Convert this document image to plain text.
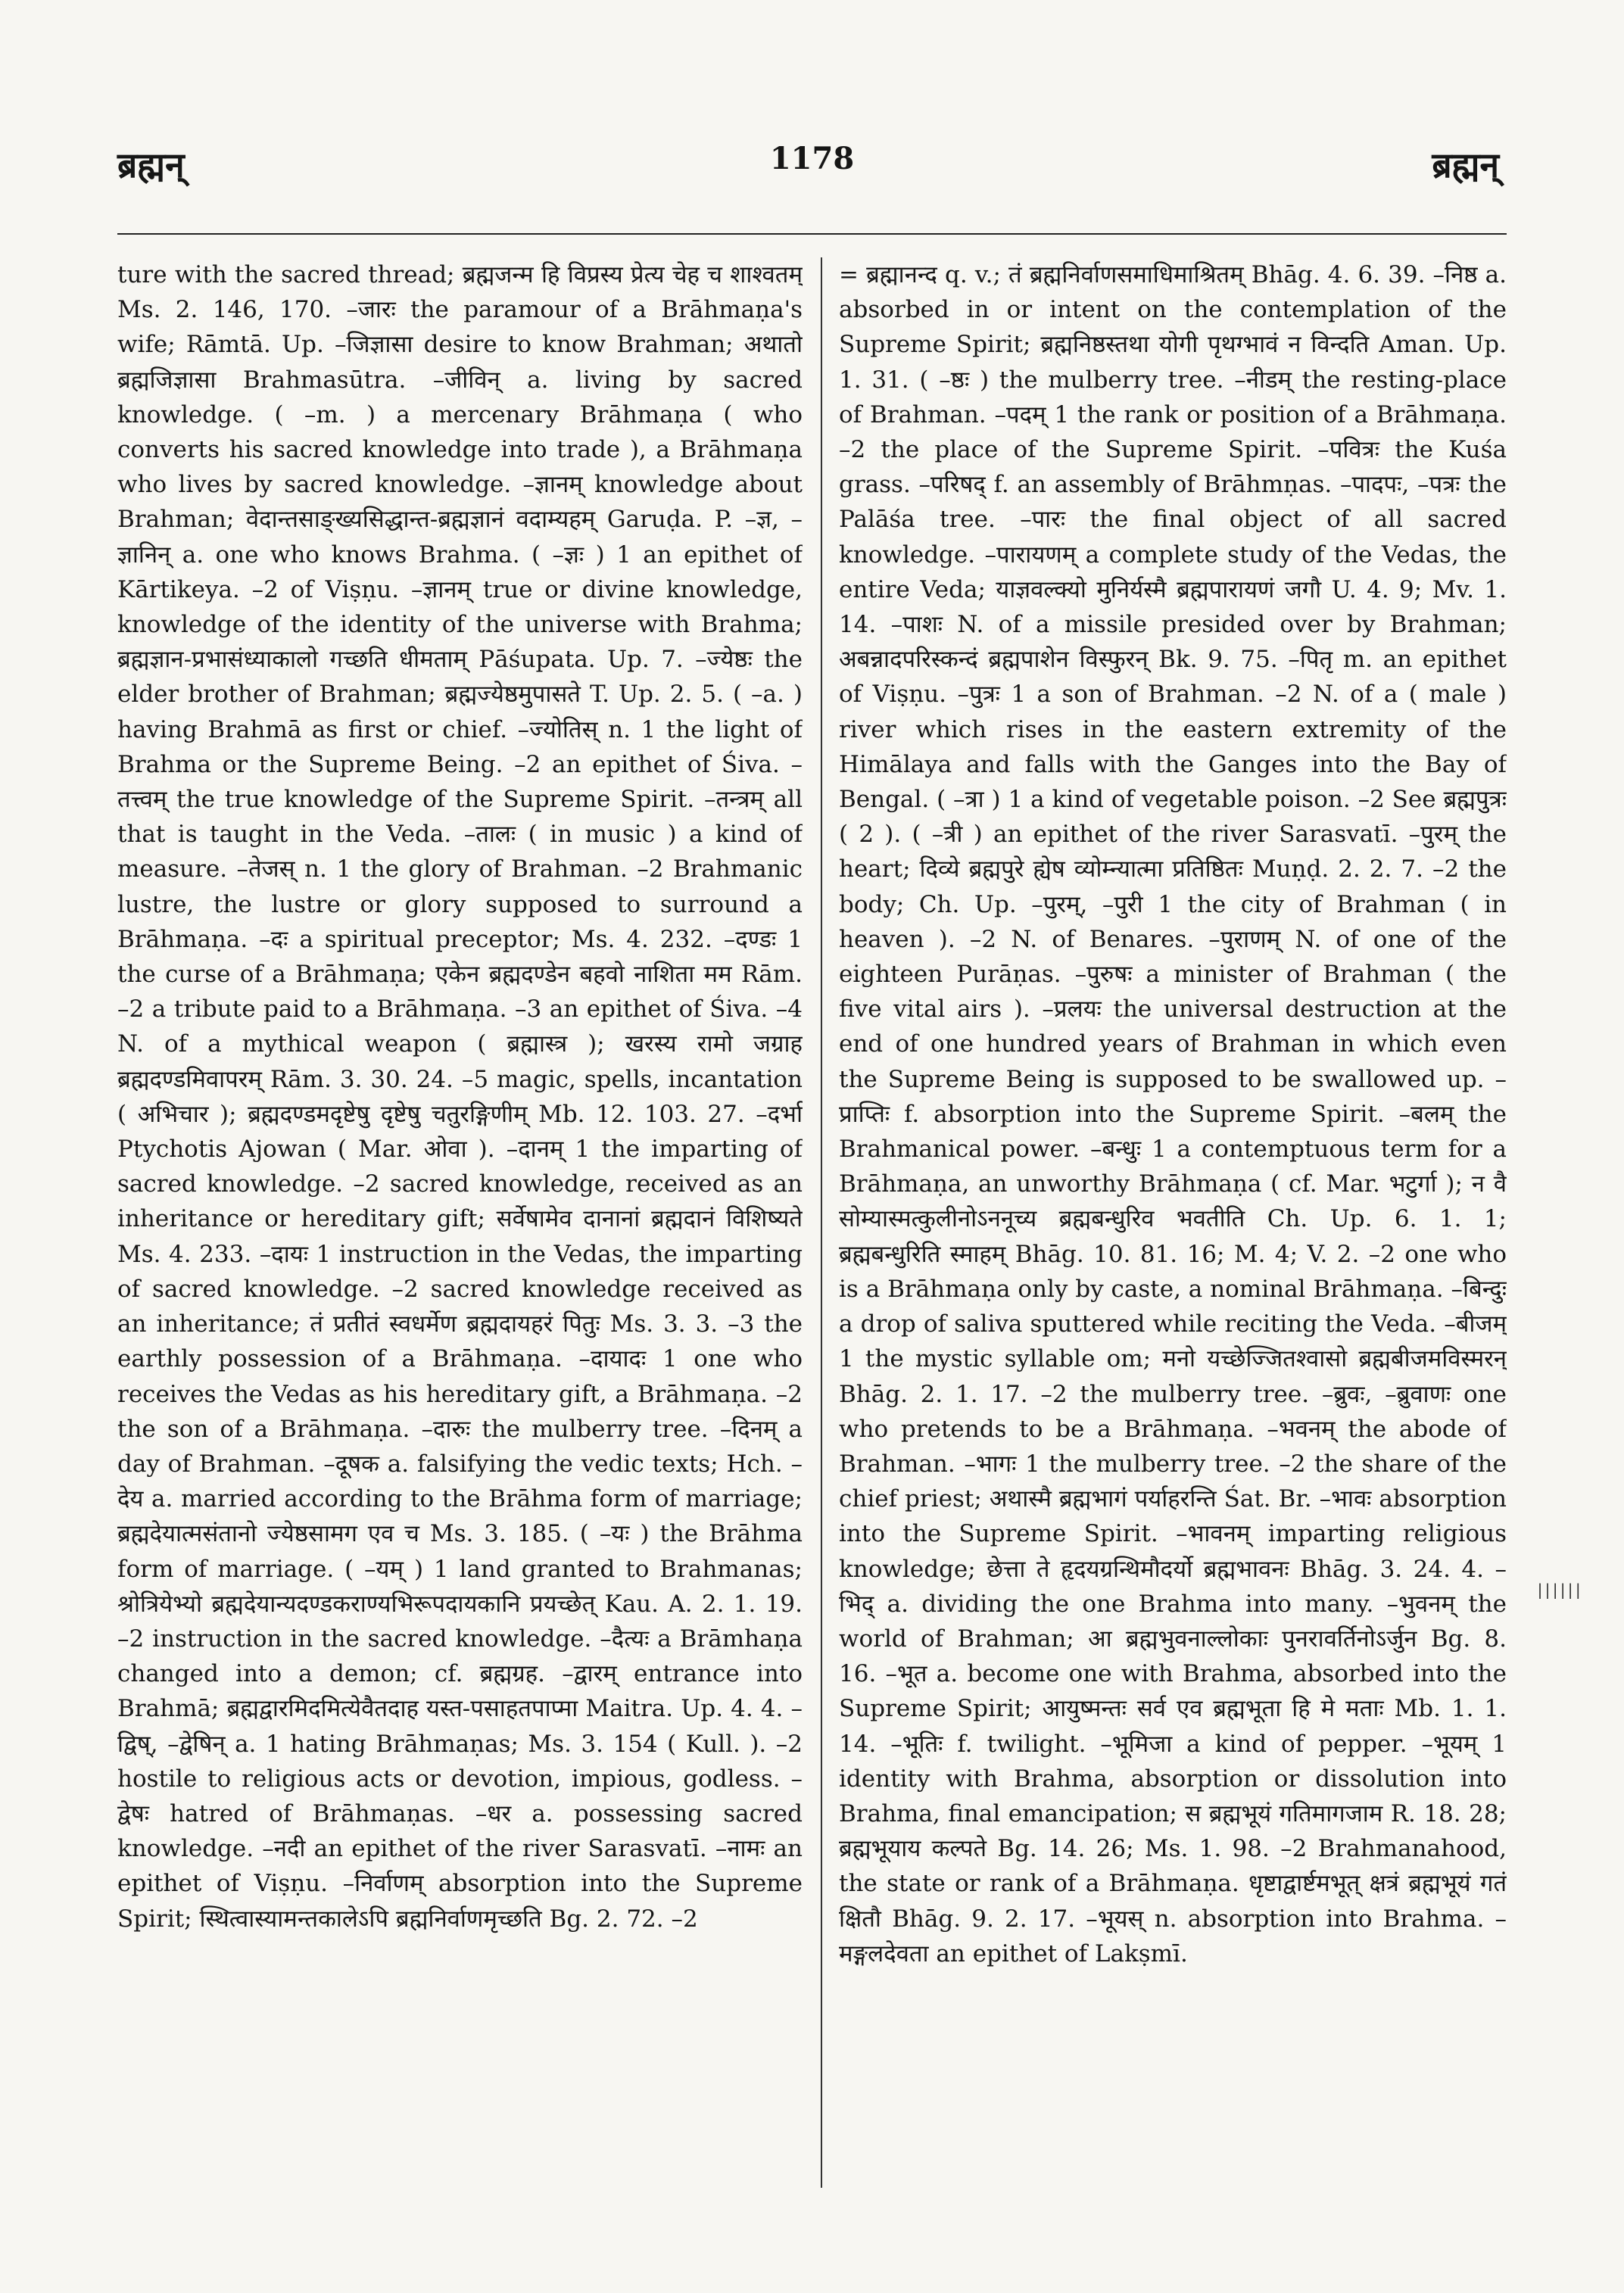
ब्रह्मन्	1178	ब्रह्मन्

ture with the sacred thread; ब्रह्मजन्म हि विप्रस्य प्रेत्य चेह च शाश्वतम् Ms. 2. 146, 170. –जारः the paramour of a Brāhmaṇa's wife; Rāmtā. Up. –जिज्ञासा desire to know Brahman; अथातो ब्रह्मजिज्ञासा Brahmasūtra. –जीविन् a. living by sacred knowledge. ( –m. ) a mercenary Brāhmaṇa ( who converts his sacred knowledge into trade ), a Brāhmaṇa who lives by sacred knowledge. –ज्ञानम् knowledge about Brahman; वेदान्तसाङ्ख्यसिद्धान्त-ब्रह्मज्ञानं वदाम्यहम् Garuḍa. P. –ज्ञ, –ज्ञानिन् a. one who knows Brahma. ( –ज्ञः ) 1 an epithet of Kārtikeya. –2 of Viṣṇu. –ज्ञानम् true or divine knowledge, knowledge of the identity of the universe with Brahma; ब्रह्मज्ञान-प्रभासंध्याकालो गच्छति धीमताम् Pāśupata. Up. 7. –ज्येष्ठः the elder brother of Brahman; ब्रह्मज्येष्ठमुपासते T. Up. 2. 5. ( –a. ) having Brahmā as first or chief. –ज्योतिस् n. 1 the light of Brahma or the Supreme Being. –2 an epithet of Śiva. –तत्त्वम् the true knowledge of the Supreme Spirit. –तन्त्रम् all that is taught in the Veda. –तालः ( in music ) a kind of measure. –तेजस् n. 1 the glory of Brahman. –2 Brahmanic lustre, the lustre or glory supposed to surround a Brāhmaṇa. –दः a spiritual preceptor; Ms. 4. 232. –दण्डः 1 the curse of a Brāhmaṇa; एकेन ब्रह्मदण्डेन बहवो नाशिता मम Rām. –2 a tribute paid to a Brāhmaṇa. –3 an epithet of Śiva. –4 N. of a mythical weapon ( ब्रह्मास्त्र ); खरस्य रामो जग्राह ब्रह्मदण्डमिवापरम् Rām. 3. 30. 24. –5 magic, spells, incantation ( अभिचार ); ब्रह्मदण्डमदृष्टेषु दृष्टेषु चतुरङ्गिणीम् Mb. 12. 103. 27. –दर्भा Ptychotis Ajowan ( Mar. ओवा ). –दानम् 1 the imparting of sacred knowledge. –2 sacred knowledge, received as an inheritance or hereditary gift; सर्वेषामेव दानानां ब्रह्मदानं विशिष्यते Ms. 4. 233. –दायः 1 instruction in the Vedas, the imparting of sacred knowledge. –2 sacred knowledge received as an inheritance; तं प्रतीतं स्वधर्मेण ब्रह्मदायहरं पितुः Ms. 3. 3. –3 the earthly possession of a Brāhmaṇa. –दायादः 1 one who receives the Vedas as his hereditary gift, a Brāhmaṇa. –2 the son of a Brāhmaṇa. –दारुः the mulberry tree. –दिनम् a day of Brahman. –दूषक a. falsifying the vedic texts; Hch. –देय a. married according to the Brāhma form of marriage; ब्रह्मदेयात्मसंतानो ज्येष्ठसामग एव च Ms. 3. 185. ( –यः ) the Brāhma form of marriage. ( –यम् ) 1 land granted to Brahmanas; श्रोत्रियेभ्यो ब्रह्मदेयान्यदण्डकराण्यभिरूपदायकानि प्रयच्छेत् Kau. A. 2. 1. 19. –2 instruction in the sacred knowledge. –दैत्यः a Brāmhaṇa changed into a demon; cf. ब्रह्मग्रह. –द्वारम् entrance into Brahmā; ब्रह्मद्वारमिदमित्येवैतदाह यस्त-पसाहतपाप्मा Maitra. Up. 4. 4. –द्विष्, –द्वेषिन् a. 1 hating Brāhmaṇas; Ms. 3. 154 ( Kull. ). –2 hostile to religious acts or devotion, impious, godless. –द्वेषः hatred of Brāhmaṇas. –धर a. possessing sacred knowledge. –नदी an epithet of the river Sarasvatī. –नामः an epithet of Viṣṇu. –निर्वाणम् absorption into the Supreme Spirit; स्थित्वास्यामन्तकालेऽपि ब्रह्मनिर्वाणमृच्छति Bg. 2. 72. –2

= ब्रह्मानन्द q. v.; तं ब्रह्मनिर्वाणसमाधिमाश्रितम् Bhāg. 4. 6. 39. –निष्ठ a. absorbed in or intent on the contemplation of the Supreme Spirit; ब्रह्मनिष्ठस्तथा योगी पृथग्भावं न विन्दति Aman. Up. 1. 31. ( –ष्ठः ) the mulberry tree. –नीडम् the resting-place of Brahman. –पदम् 1 the rank or position of a Brāhmaṇa. –2 the place of the Supreme Spirit. –पवित्रः the Kuśa grass. –परिषद् f. an assembly of Brāhmṇas. –पादपः, –पत्रः the Palāśa tree. –पारः the final object of all sacred knowledge. –पारायणम् a complete study of the Vedas, the entire Veda; याज्ञवल्क्यो मुनिर्यस्मै ब्रह्मपारायणं जगौ U. 4. 9; Mv. 1. 14. –पाशः N. of a missile presided over by Brahman; अबन्नादपरिस्कन्दं ब्रह्मपाशेन विस्फुरन् Bk. 9. 75. –पितृ m. an epithet of Viṣṇu. –पुत्रः 1 a son of Brahman. –2 N. of a ( male ) river which rises in the eastern extremity of the Himālaya and falls with the Ganges into the Bay of Bengal. ( –त्रा ) 1 a kind of vegetable poison. –2 See ब्रह्मपुत्रः ( 2 ). ( –त्री ) an epithet of the river Sarasvatī. –पुरम् the heart; दिव्ये ब्रह्मपुरे ह्येष व्योम्न्यात्मा प्रतिष्ठितः Muṇḍ. 2. 2. 7. –2 the body; Ch. Up. –पुरम्, –पुरी 1 the city of Brahman ( in heaven ). –2 N. of Benares. –पुराणम् N. of one of the eighteen Purāṇas. –पुरुषः a minister of Brahman ( the five vital airs ). –प्रलयः the universal destruction at the end of one hundred years of Brahman in which even the Supreme Being is supposed to be swallowed up. –प्राप्तिः f. absorption into the Supreme Spirit. –बलम् the Brahmanical power. –बन्धुः 1 a contemptuous term for a Brāhmaṇa, an unworthy Brāhmaṇa ( cf. Mar. भटुर्गा ); न वै सोम्यास्मत्कुलीनोऽननूच्य ब्रह्मबन्धुरिव भवतीति Ch. Up. 6. 1. 1; ब्रह्मबन्धुरिति स्माहम् Bhāg. 10. 81. 16; M. 4; V. 2. –2 one who is a Brāhmaṇa only by caste, a nominal Brāhmaṇa. –बिन्दुः a drop of saliva sputtered while reciting the Veda. –बीजम् 1 the mystic syllable om; मनो यच्छेज्जितश्वासो ब्रह्मबीजमविस्मरन् Bhāg. 2. 1. 17. –2 the mulberry tree. –ब्रुवः, –ब्रुवाणः one who pretends to be a Brāhmaṇa. –भवनम् the abode of Brahman. –भागः 1 the mulberry tree. –2 the share of the chief priest; अथास्मै ब्रह्मभागं पर्याहरन्ति Śat. Br. –भावः absorption into the Supreme Spirit. –भावनम् imparting religious knowledge; छेत्ता ते हृदयग्रन्थिमौदर्यो ब्रह्मभावनः Bhāg. 3. 24. 4. –भिद् a. dividing the one Brahma into many. –भुवनम् the world of Brahman; आ ब्रह्मभुवनाल्लोकाः पुनरावर्तिनोऽर्जुन Bg. 8. 16. –भूत a. become one with Brahma, absorbed into the Supreme Spirit; आयुष्मन्तः सर्व एव ब्रह्मभूता हि मे मताः Mb. 1. 1. 14. –भूतिः f. twilight. –भूमिजा a kind of pepper. –भूयम् 1 identity with Brahma, absorption or dissolution into Brahma, final emancipation; स ब्रह्मभूयं गतिमागजाम R. 18. 28; ब्रह्मभूयाय कल्पते Bg. 14. 26; Ms. 1. 98. –2 Brahmanahood, the state or rank of a Brāhmaṇa. धृष्टाद्वार्ष्टमभूत् क्षत्रं ब्रह्मभूयं गतं क्षितौ Bhāg. 9. 2. 17. –भूयस् n. absorption into Brahma. –मङ्गलदेवता an epithet of Lakṣmī.

||||||
